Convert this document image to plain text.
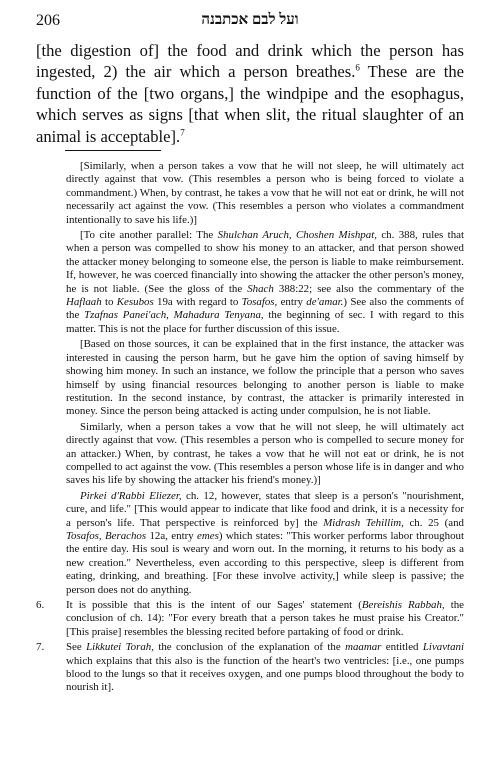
206	ועל לבם אכתבנה

[the digestion of] the food and drink which the person has ingested, 2) the air which a person breathes.$^6$ These are the function of the [two organs,] the windpipe and the esophagus, which serves as signs [that when slit, the ritual slaughter of an animal is acceptable].$^7$

[Similarly, when a person takes a vow that he will not sleep, he will ultimately act directly against that vow. (This resembles a person who is being forced to violate a commandment.) When, by contrast, he takes a vow that he will not eat or drink, he will not necessarily act against the vow. (This resembles a person who violates a commandment intentionally to save his life.)]

[To cite another parallel: The Shulchan Aruch, Choshen Mishpat, ch. 388, rules that when a person was compelled to show his money to an attacker, and that person showed the attacker money belonging to someone else, the person is liable to make reimbursement. If, however, he was coerced financially into showing the attacker the other person's money, he is not liable. (See the gloss of the Shach 388:22; see also the commentary of the Haflaah to Kesubos 19a with regard to Tosafos, entry de'amar.) See also the comments of the Tzafnas Panei'ach, Mahadura Tenyana, the beginning of sec. I with regard to this matter. This is not the place for further discussion of this issue.

[Based on those sources, it can be explained that in the first instance, the attacker was interested in causing the person harm, but he gave him the option of saving himself by showing him money. In such an instance, we follow the principle that a person who saves himself by using financial resources belonging to another person is liable to make restitution. In the second instance, by contrast, the attacker is primarily interested in money. Since the person being attacked is acting under compulsion, he is not liable.

Similarly, when a person takes a vow that he will not sleep, he will ultimately act directly against that vow. (This resembles a person who is compelled to secure money for an attacker.) When, by contrast, he takes a vow that he will not eat or drink, he is not compelled to act against the vow. (This resembles a person whose life is in danger and who saves his life by showing the attacker his friend's money.)]

Pirkei d'Rabbi Eliezer, ch. 12, however, states that sleep is a person's "nourishment, cure, and life." [This would appear to indicate that like food and drink, it is a necessity for a person's life. That perspective is reinforced by] the Midrash Tehillim, ch. 25 (and Tosafos, Berachos 12a, entry emes) which states: "This worker performs labor throughout the entire day. His soul is weary and worn out. In the morning, it returns to his body as a new creation." Nevertheless, even according to this perspective, sleep is different from eating, drinking, and breathing. [For these involve activity,] while sleep is passive; the person does not do anything.

6. It is possible that this is the intent of our Sages' statement (Bereishis Rabbah, the conclusion of ch. 14): "For every breath that a person takes he must praise his Creator." [This praise] resembles the blessing recited before partaking of food or drink.

7. See Likkutei Torah, the conclusion of the explanation of the maamar entitled Livavtani which explains that this also is the function of the heart's two ventricles: [i.e., one pumps blood to the lungs so that it receives oxygen, and one pumps blood throughout the body to nourish it].
